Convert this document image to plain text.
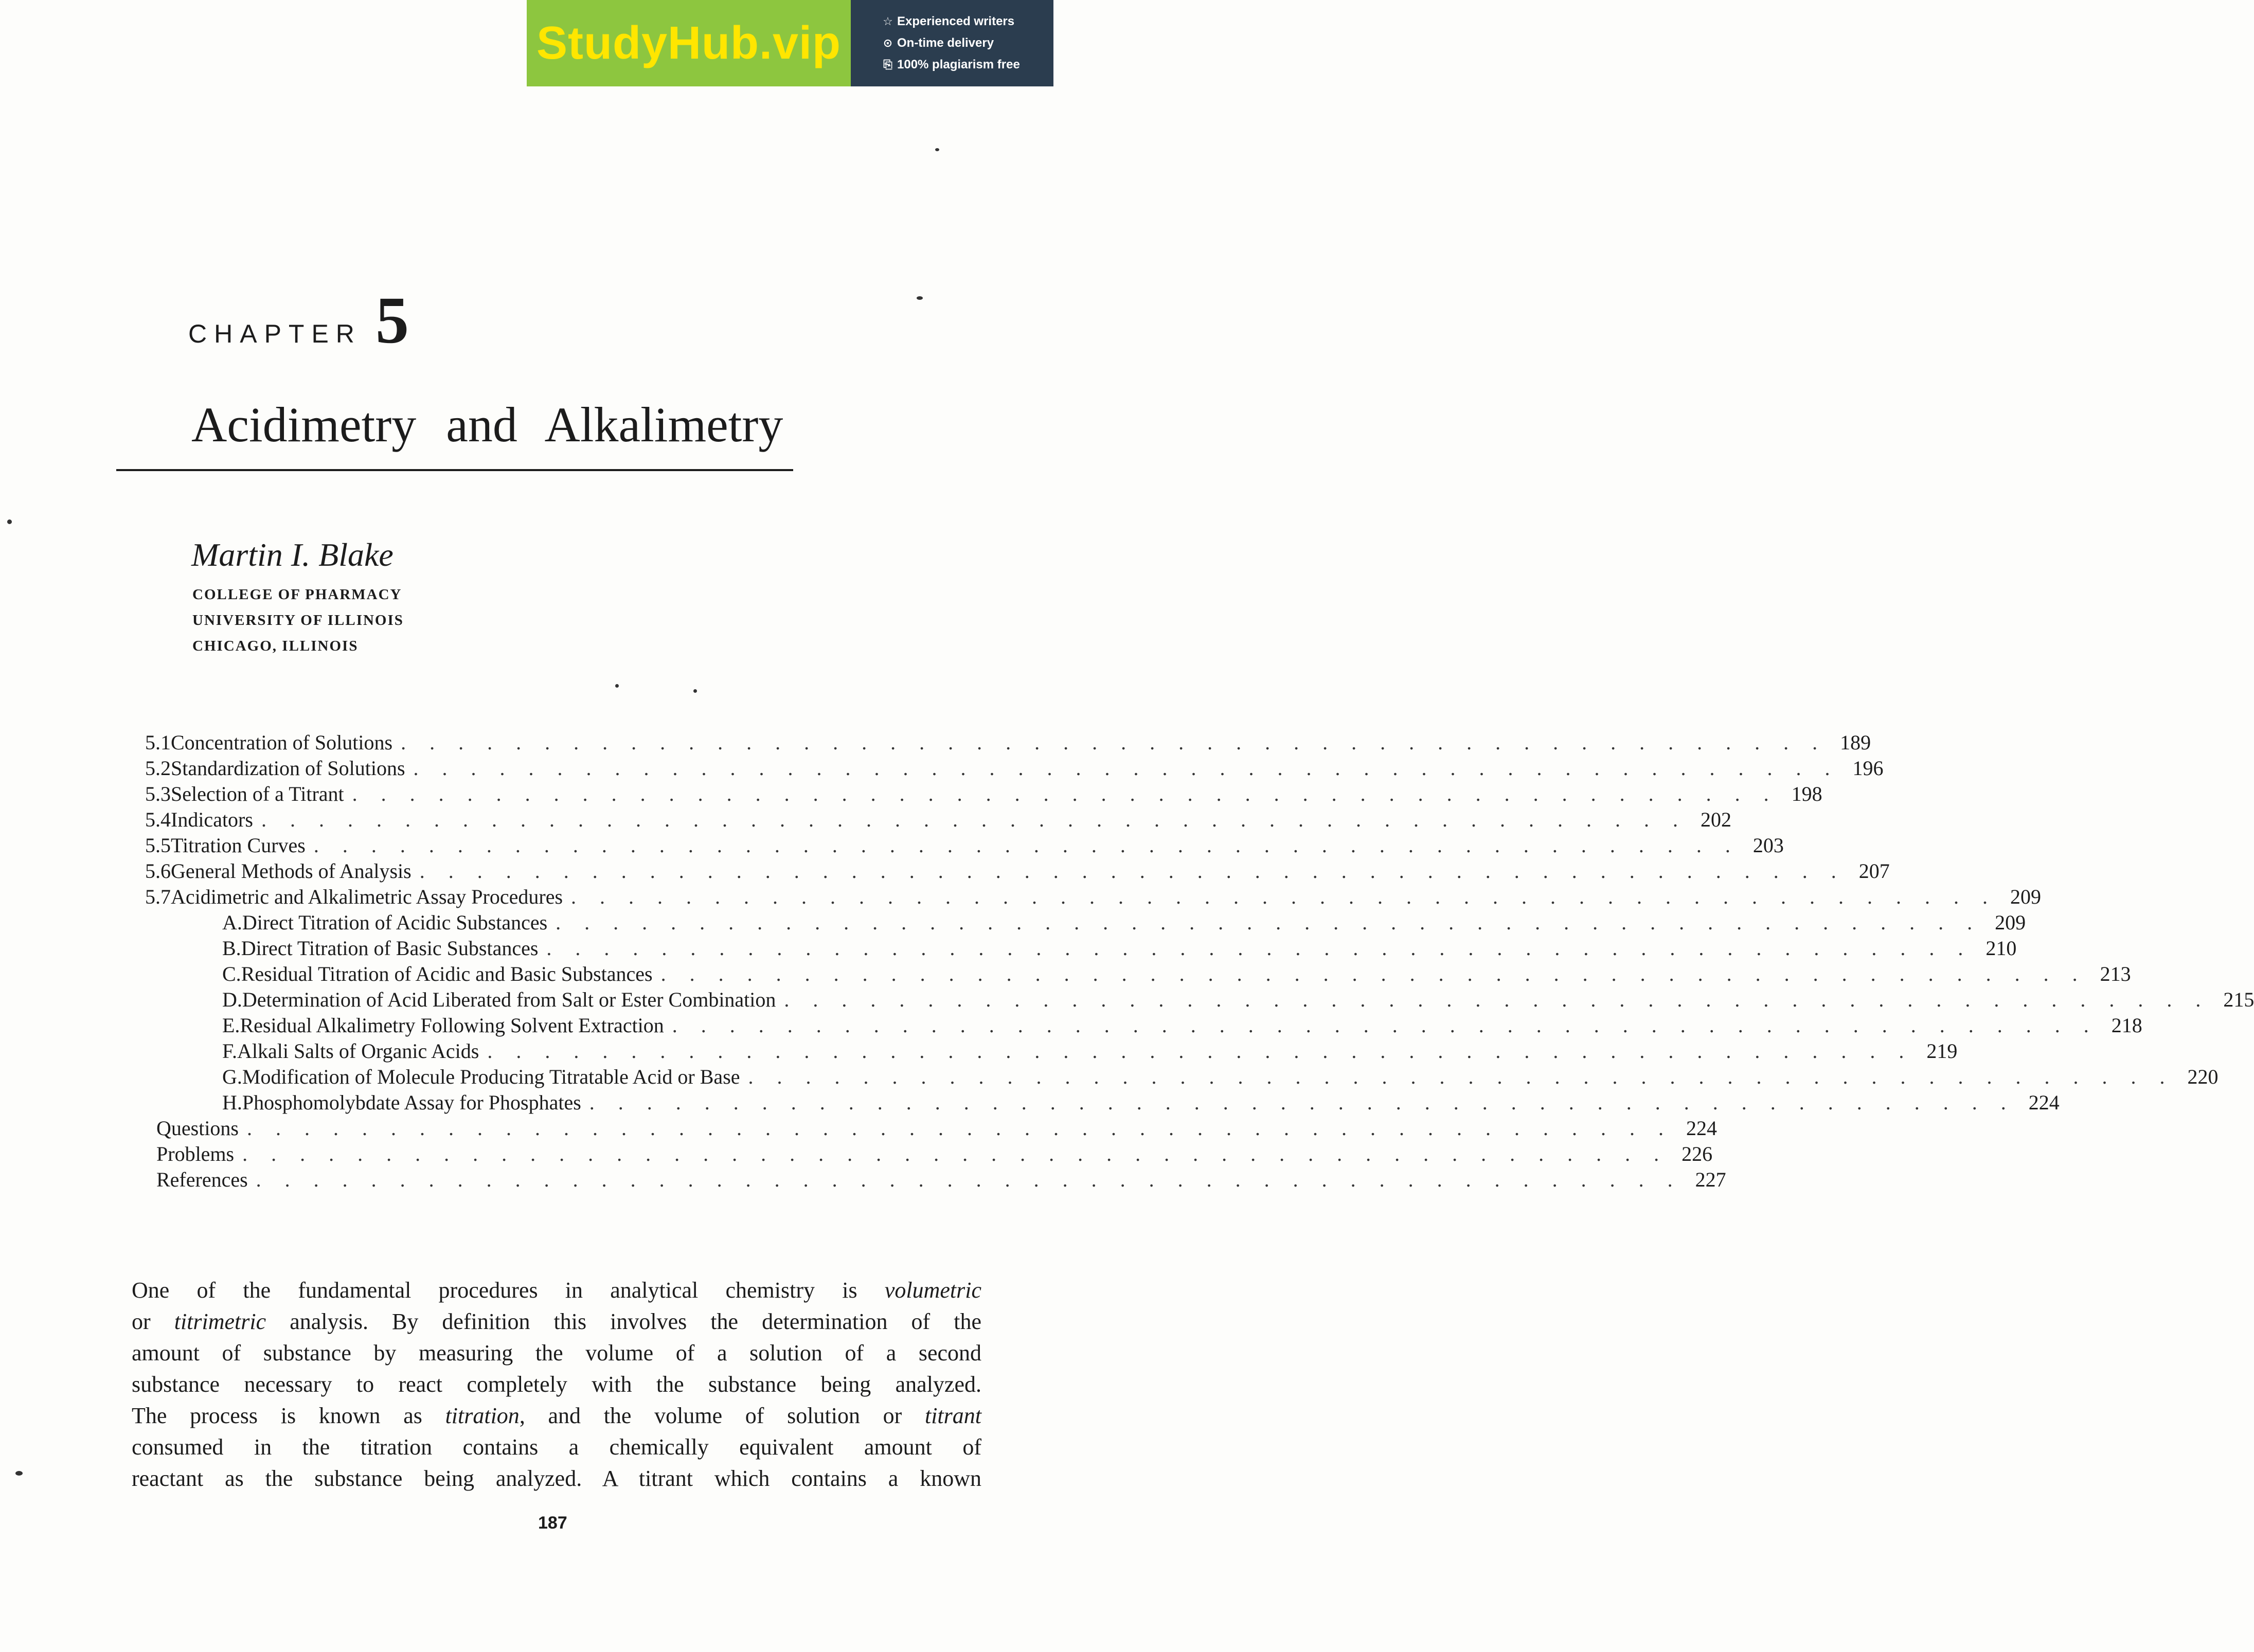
StudyHub.vip	☆ Experienced writers
⊙ On-time delivery
⎘ 100% plagiarism free
CHAPTER 5
Acidimetry and Alkalimetry
Martin I. Blake
COLLEGE OF PHARMACY
UNIVERSITY OF ILLINOIS
CHICAGO, ILLINOIS
5.1 Concentration of Solutions . . . . . . . . . . . . . . . . . . . . . . . . . . . . . . . . . . . . . . . . . . . . . . . . . . 189
5.2 Standardization of Solutions . . . . . . . . . . . . . . . . . . . . . . . . . . . . . . . . . . . . . . . . . . . . . . . . . . 196
5.3 Selection of a Titrant . . . . . . . . . . . . . . . . . . . . . . . . . . . . . . . . . . . . . . . . . . . . . . . . . . 198
5.4 Indicators . . . . . . . . . . . . . . . . . . . . . . . . . . . . . . . . . . . . . . . . . . . . . . . . . . 202
5.5 Titration Curves . . . . . . . . . . . . . . . . . . . . . . . . . . . . . . . . . . . . . . . . . . . . . . . . . . 203
5.6 General Methods of Analysis . . . . . . . . . . . . . . . . . . . . . . . . . . . . . . . . . . . . . . . . . . . . . . . . . . 207
5.7 Acidimetric and Alkalimetric Assay Procedures . . . . . . . . . . . . . . . . . . . . . . . . . . . . . . . . . . . . . . . . . . . . . . . . . . 209
A. Direct Titration of Acidic Substances . . . . . . . . . . . . . . . . . . . . . . . . . . . . . . . . . . . . . . . . . . . . . . . . . . 209
B. Direct Titration of Basic Substances . . . . . . . . . . . . . . . . . . . . . . . . . . . . . . . . . . . . . . . . . . . . . . . . . . 210
C. Residual Titration of Acidic and Basic Substances . . . . . . . . . . . . . . . . . . . . . . . . . . . . . . . . . . . . . . . . . . . . . . . . . . 213
D. Determination of Acid Liberated from Salt or Ester Combination . . . . . . . . . . . . . . . . . . . . . . . . . . . . . . . . . . . . . . . . . . . . . . . . . . 215
E. Residual Alkalimetry Following Solvent Extraction . . . . . . . . . . . . . . . . . . . . . . . . . . . . . . . . . . . . . . . . . . . . . . . . . . 218
F. Alkali Salts of Organic Acids . . . . . . . . . . . . . . . . . . . . . . . . . . . . . . . . . . . . . . . . . . . . . . . . . . 219
G. Modification of Molecule Producing Titratable Acid or Base . . . . . . . . . . . . . . . . . . . . . . . . . . . . . . . . . . . . . . . . . . . . . . . . . . 220
H. Phosphomolybdate Assay for Phosphates . . . . . . . . . . . . . . . . . . . . . . . . . . . . . . . . . . . . . . . . . . . . . . . . . . 224
Questions . . . . . . . . . . . . . . . . . . . . . . . . . . . . . . . . . . . . . . . . . . . . . . . . . . 224
Problems . . . . . . . . . . . . . . . . . . . . . . . . . . . . . . . . . . . . . . . . . . . . . . . . . . 226
References . . . . . . . . . . . . . . . . . . . . . . . . . . . . . . . . . . . . . . . . . . . . . . . . . . 227
One of the fundamental procedures in analytical chemistry is volumetric
or titrimetric analysis. By definition this involves the determination of the
amount of substance by measuring the volume of a solution of a second
substance necessary to react completely with the substance being analyzed.
The process is known as titration, and the volume of solution or titrant
consumed in the titration contains a chemically equivalent amount of
reactant as the substance being analyzed. A titrant which contains a known
187
